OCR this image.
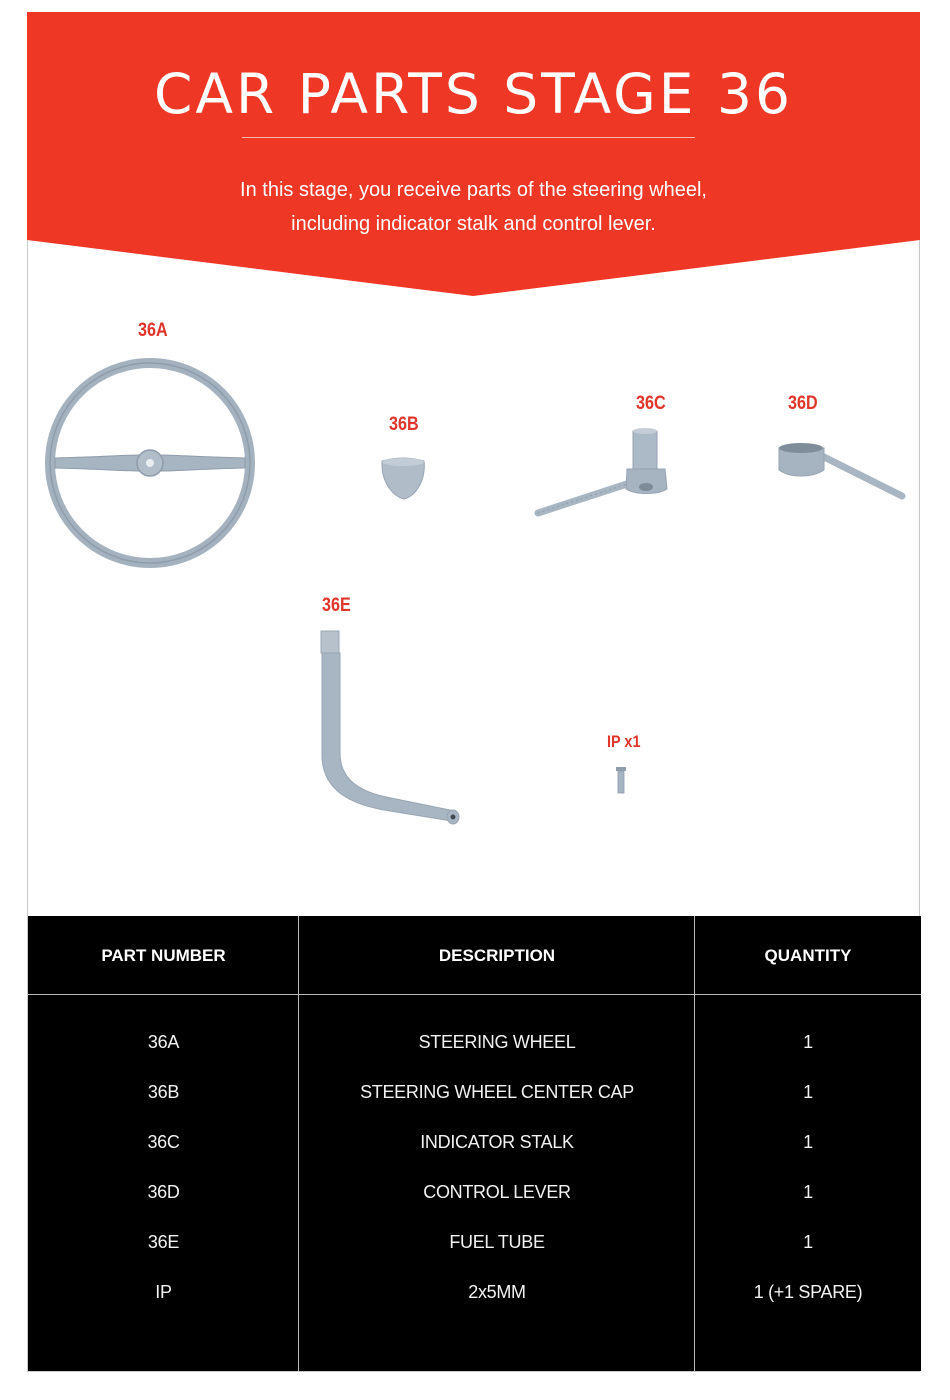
CAR PARTS STAGE 36
In this stage, you receive parts of the steering wheel,
including indicator stalk and control lever.
36A
36B
36C	36D
36E
IP x1
PART NUMBER	DESCRIPTION	QUANTITY
36A	STEERING WHEEL	1
36B	STEERING WHEEL CENTER CAP	1
36C	INDICATOR STALK	1
36D	CONTROL LEVER	1
36E	FUEL TUBE	1
IP	2x5MM	1 (+1 SPARE)
